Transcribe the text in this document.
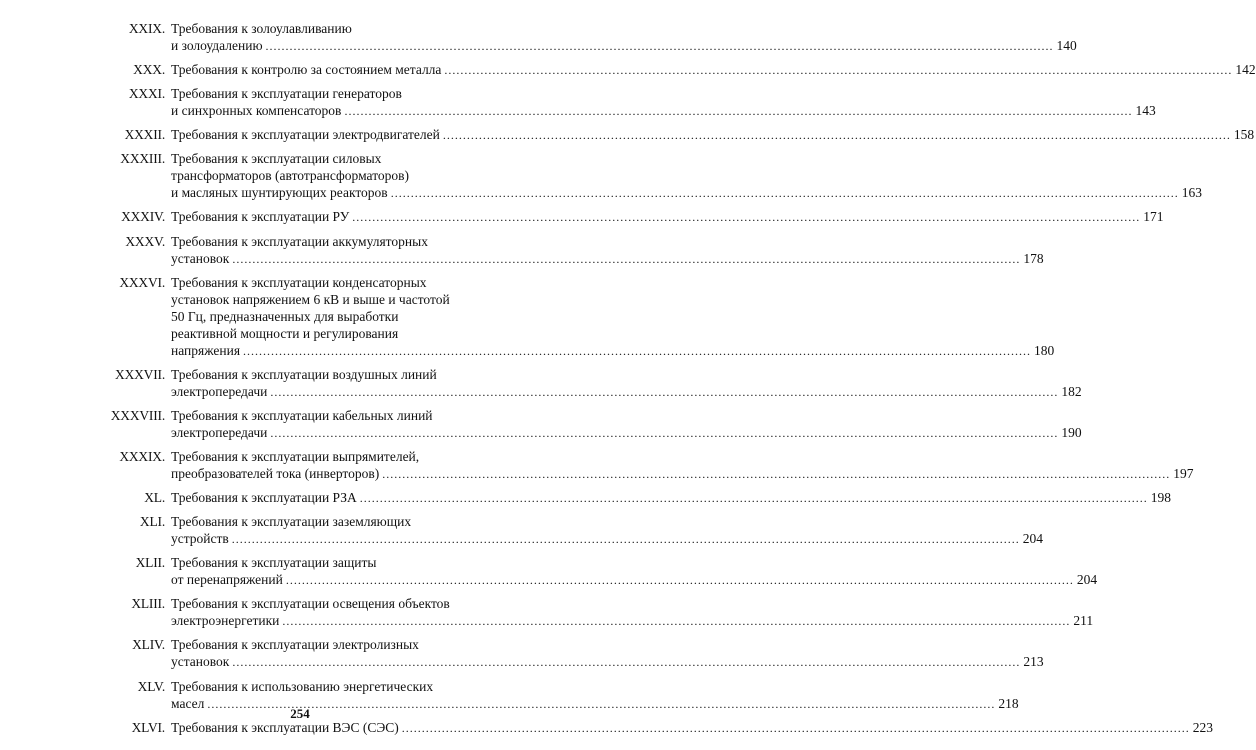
XXIX. Требования к золоулавливанию
и золоудалению .....	140
XXX. Требования к контролю за состоянием металла .....	142
XXXI. Требования к эксплуатации генераторов
и синхронных компенсаторов .....	143
XXXII. Требования к эксплуатации электродвигателей .....	158
XXXIII. Требования к эксплуатации силовых
трансформаторов (автотрансформаторов)
и масляных шунтирующих реакторов .....	163
XXXIV. Требования к эксплуатации РУ .....	171
XXXV. Требования к эксплуатации аккумуляторных
установок .....	178
XXXVI. Требования к эксплуатации конденсаторных
установок напряжением 6 кВ и выше и частотой
50 Гц, предназначенных для выработки
реактивной мощности и регулирования
напряжения .....	180
XXXVII. Требования к эксплуатации воздушных линий
электропередачи .....	182
XXXVIII. Требования к эксплуатации кабельных линий
электропередачи .....	190
XXXIX. Требования к эксплуатации выпрямителей,
преобразователей тока (инверторов) .....	197
XL. Требования к эксплуатации РЗА .....	198
XLI. Требования к эксплуатации заземляющих
устройств .....	204
XLII. Требования к эксплуатации защиты
от перенапряжений .....	204
XLIII. Требования к эксплуатации освещения объектов
электроэнергетики .....	211
XLIV. Требования к эксплуатации электролизных
установок .....	213
XLV. Требования к использованию энергетических
масел .....	218
XLVI. Требования к эксплуатации ВЭС (СЭС) .....	223
254
